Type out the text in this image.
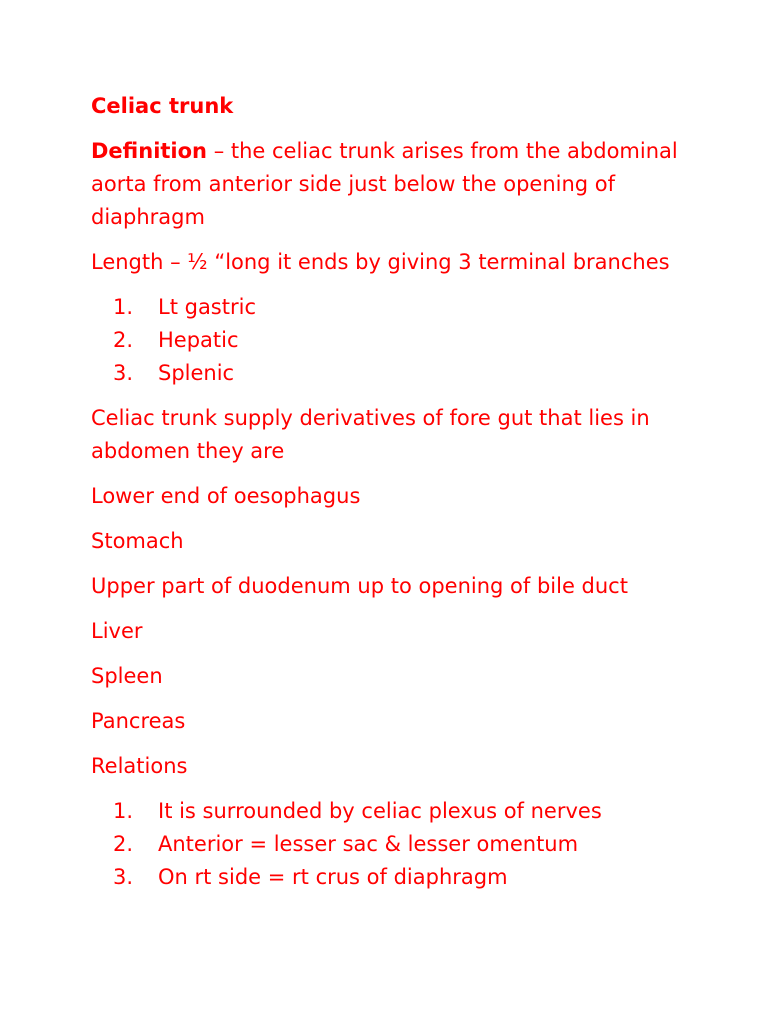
Celiac trunk
Definition – the celiac trunk arises from the abdominal aorta from anterior side just below the opening of diaphragm
Length – ½ “long it ends by giving 3 terminal branches
1. Lt gastric
2. Hepatic
3. Splenic
Celiac trunk supply derivatives of fore gut that lies in abdomen they are
Lower end of oesophagus
Stomach
Upper part of duodenum up to opening of bile duct
Liver
Spleen
Pancreas
Relations
1. It is surrounded by celiac plexus of nerves
2. Anterior = lesser sac & lesser omentum
3. On rt side = rt crus of diaphragm
